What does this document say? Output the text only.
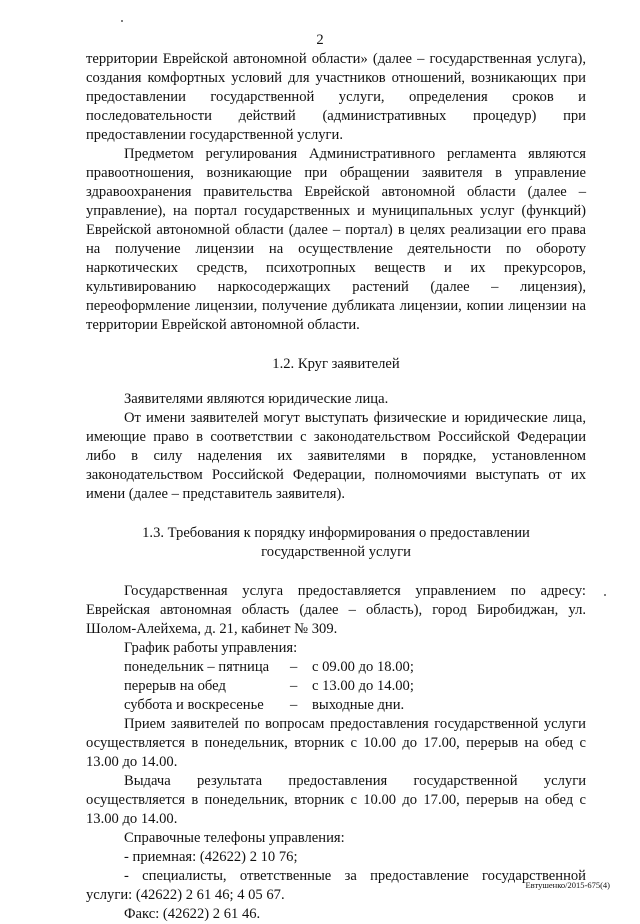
2

территории Еврейской автономной области» (далее – государственная услуга), создания комфортных условий для участников отношений, возникающих при предоставлении государственной услуги, определения сроков и последовательности действий (административных процедур) при предоставлении государственной услуги.

Предметом регулирования Административного регламента являются правоотношения, возникающие при обращении заявителя в управление здравоохранения правительства Еврейской автономной области (далее – управление), на портал государственных и муниципальных услуг (функций) Еврейской автономной области (далее – портал) в целях реализации его права на получение лицензии на осуществление деятельности по обороту наркотических средств, психотропных веществ и их прекурсоров, культивированию наркосодержащих растений (далее – лицензия), переоформление лицензии, получение дубликата лицензии, копии лицензии на территории Еврейской автономной области.

1.2. Круг заявителей

Заявителями являются юридические лица.

От имени заявителей могут выступать физические и юридические лица, имеющие право в соответствии с законодательством Российской Федерации либо в силу наделения их заявителями в порядке, установленном законодательством Российской Федерации, полномочиями выступать от их имени (далее – представитель заявителя).

1.3. Требования к порядку информирования о предоставлении
государственной услуги

Государственная услуга предоставляется управлением по адресу: Еврейская автономная область (далее – область), город Биробиджан, ул. Шолом-Алейхема, д. 21, кабинет № 309.

График работы управления:

понедельник – пятница	–	с 09.00 до 18.00;
перерыв на обед	–	с 13.00 до 14.00;
суббота и воскресенье	–	выходные дни.

Прием заявителей по вопросам предоставления государственной услуги осуществляется в понедельник, вторник с 10.00 до 17.00, перерыв на обед с 13.00 до 14.00.

Выдача результата предоставления государственной услуги осуществляется в понедельник, вторник с 10.00 до 17.00, перерыв на обед с 13.00 до 14.00.

Справочные телефоны управления:

- приемная: (42622) 2 10 76;

- специалисты, ответственные за предоставление государственной услуги: (42622) 2 61 46; 4 05 67.

Факс: (42622) 2 61 46.

Евтушенко/2015-675(4)
